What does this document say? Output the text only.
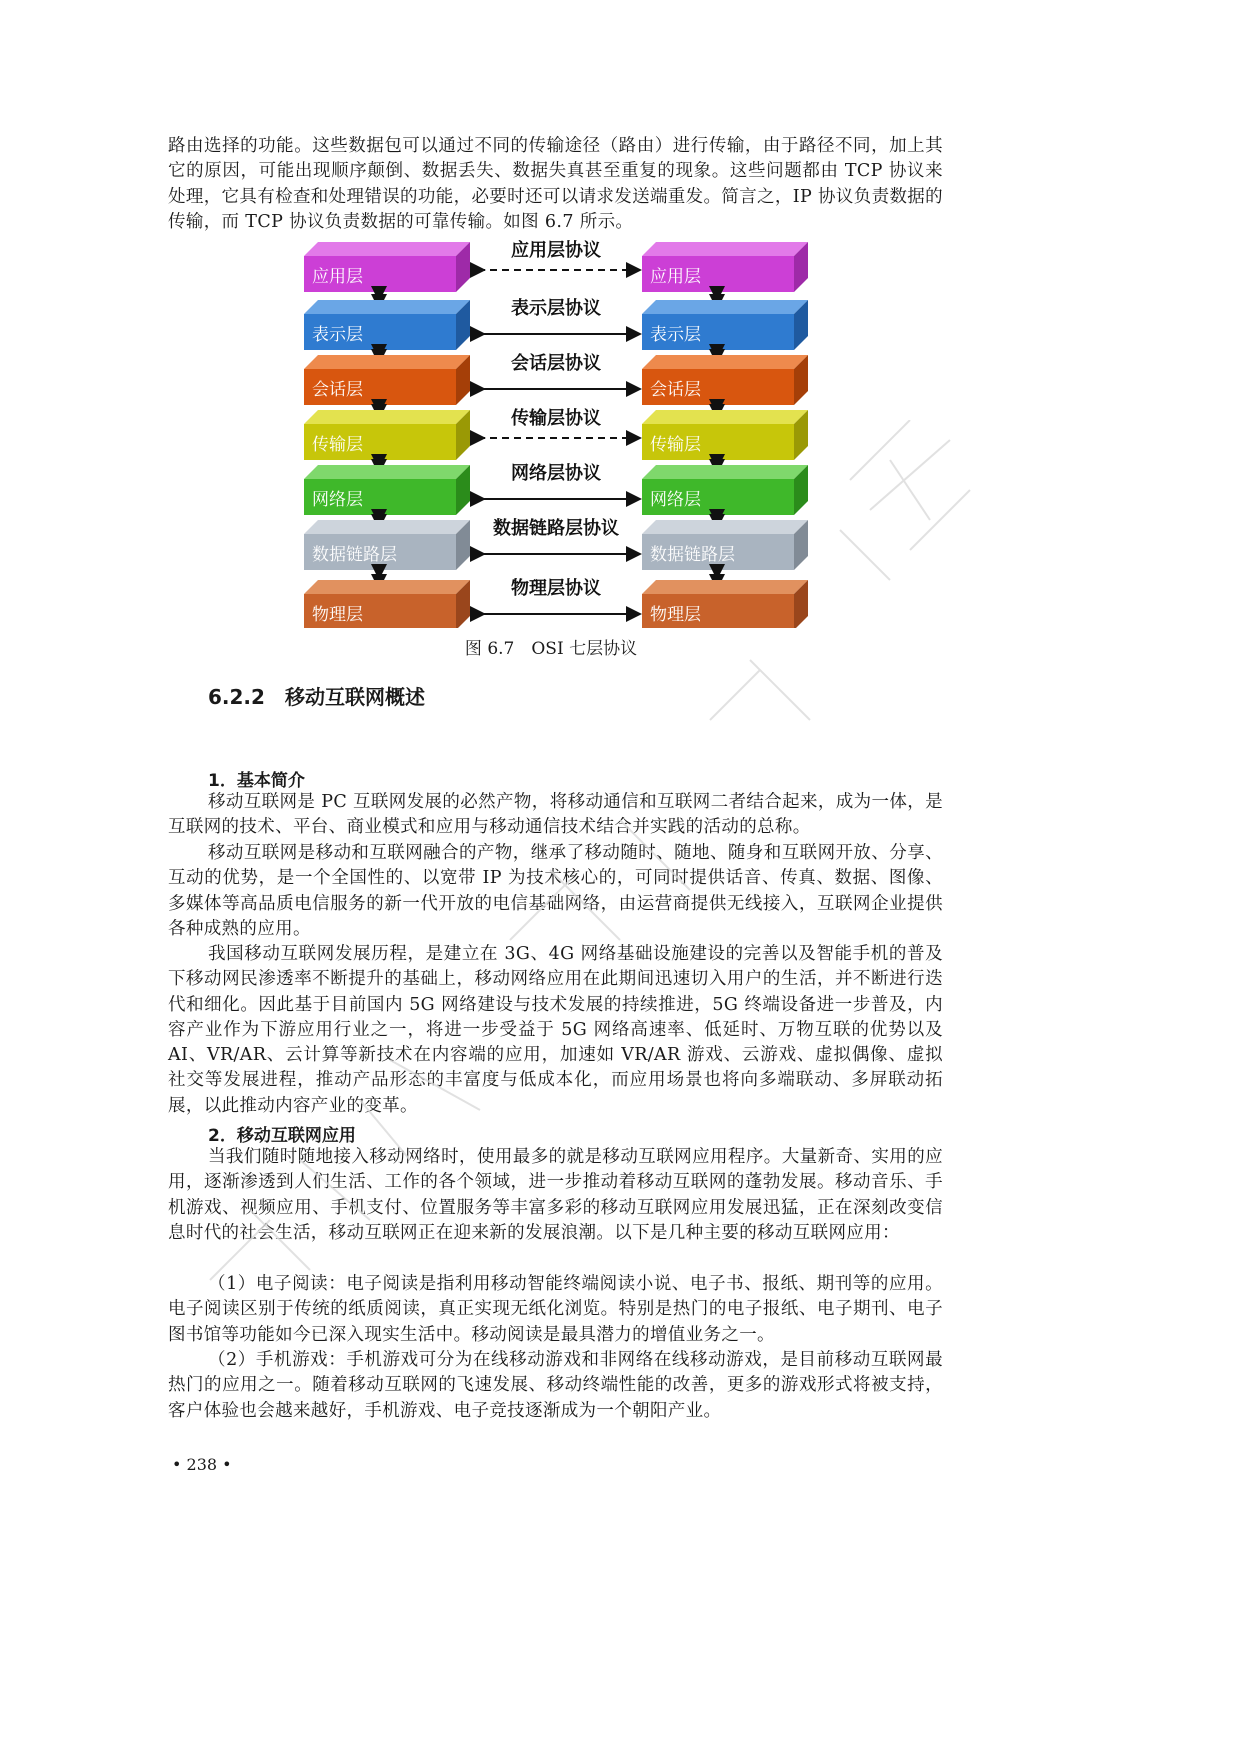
路由选择的功能。这些数据包可以通过不同的传输途径（路由）进行传输，由于路径不同，加上其它的原因，可能出现顺序颠倒、数据丢失、数据失真甚至重复的现象。这些问题都由 TCP 协议来处理，它具有检查和处理错误的功能，必要时还可以请求发送端重发。简言之，IP 协议负责数据的传输，而 TCP 协议负责数据的可靠传输。如图 6.7 所示。

应用层	应用层
应用层协议
表示层	表示层
表示层协议
会话层	会话层
会话层协议
传输层	传输层
传输层协议
网络层	网络层
网络层协议
数据链路层	数据链路层
数据链路层协议
物理层	物理层
物理层协议
图 6.7　OSI 七层协议
6.2.2　移动互联网概述
1．基本简介

移动互联网是 PC 互联网发展的必然产物，将移动通信和互联网二者结合起来，成为一体，是互联网的技术、平台、商业模式和应用与移动通信技术结合并实践的活动的总称。

移动互联网是移动和互联网融合的产物，继承了移动随时、随地、随身和互联网开放、分享、互动的优势，是一个全国性的、以宽带 IP 为技术核心的，可同时提供话音、传真、数据、图像、多媒体等高品质电信服务的新一代开放的电信基础网络，由运营商提供无线接入，互联网企业提供各种成熟的应用。

我国移动互联网发展历程，是建立在 3G、4G 网络基础设施建设的完善以及智能手机的普及下移动网民渗透率不断提升的基础上，移动网络应用在此期间迅速切入用户的生活，并不断进行迭代和细化。因此基于目前国内 5G 网络建设与技术发展的持续推进，5G 终端设备进一步普及，内容产业作为下游应用行业之一，将进一步受益于 5G 网络高速率、低延时、万物互联的优势以及 AI、VR/AR、云计算等新技术在内容端的应用，加速如 VR/AR 游戏、云游戏、虚拟偶像、虚拟社交等发展进程，推动产品形态的丰富度与低成本化，而应用场景也将向多端联动、多屏联动拓展，以此推动内容产业的变革。

2．移动互联网应用

当我们随时随地接入移动网络时，使用最多的就是移动互联网应用程序。大量新奇、实用的应用，逐渐渗透到人们生活、工作的各个领域，进一步推动着移动互联网的蓬勃发展。移动音乐、手机游戏、视频应用、手机支付、位置服务等丰富多彩的移动互联网应用发展迅猛，正在深刻改变信息时代的社会生活，移动互联网正在迎来新的发展浪潮。以下是几种主要的移动互联网应用：

（1）电子阅读：电子阅读是指利用移动智能终端阅读小说、电子书、报纸、期刊等的应用。电子阅读区别于传统的纸质阅读，真正实现无纸化浏览。特别是热门的电子报纸、电子期刊、电子图书馆等功能如今已深入现实生活中。移动阅读是最具潜力的增值业务之一。

（2）手机游戏：手机游戏可分为在线移动游戏和非网络在线移动游戏，是目前移动互联网最热门的应用之一。随着移动互联网的飞速发展、移动终端性能的改善，更多的游戏形式将被支持，客户体验也会越来越好，手机游戏、电子竞技逐渐成为一个朝阳产业。

• 238 •
